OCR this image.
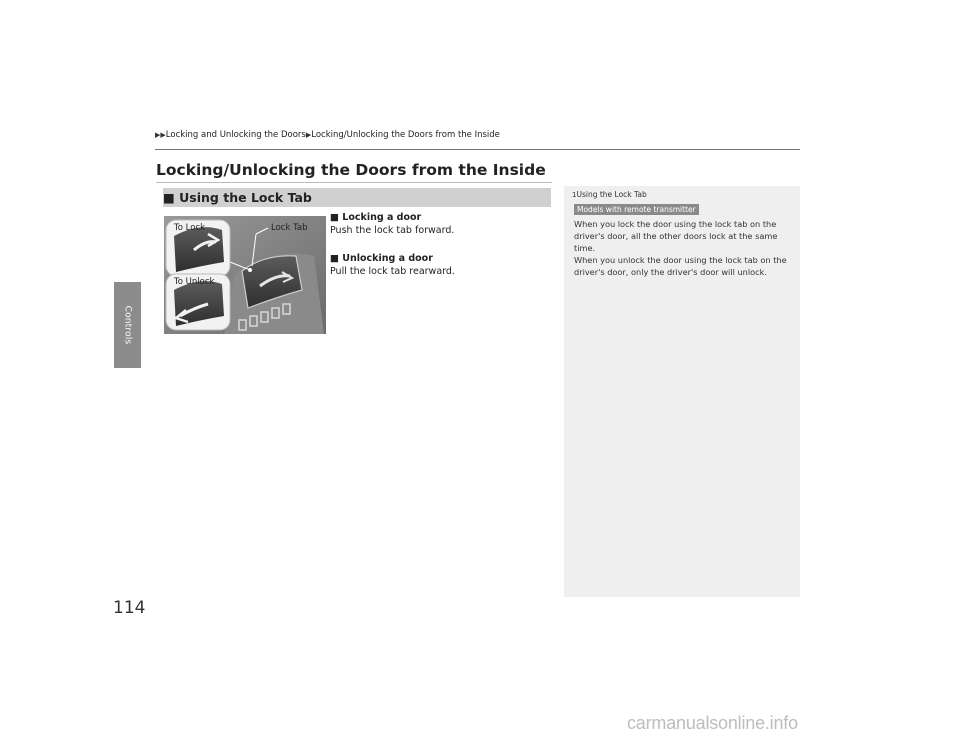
Controls
114
▶▶Locking and Unlocking the Doors▶Locking/Unlocking the Doors from the Inside
Locking/Unlocking the Doors from the Inside
■ Using the Lock Tab
To Lock
To Unlock
Lock Tab

■ Locking a door

Push the lock tab forward.

■ Unlocking a door

Pull the lock tab rearward.

1Using the Lock Tab
Models with remote transmitter
When you lock the door using the lock tab on the
driver's door, all the other doors lock at the same
time.
When you unlock the door using the lock tab on the
driver's door, only the driver's door will unlock.
carmanualsonline.info
